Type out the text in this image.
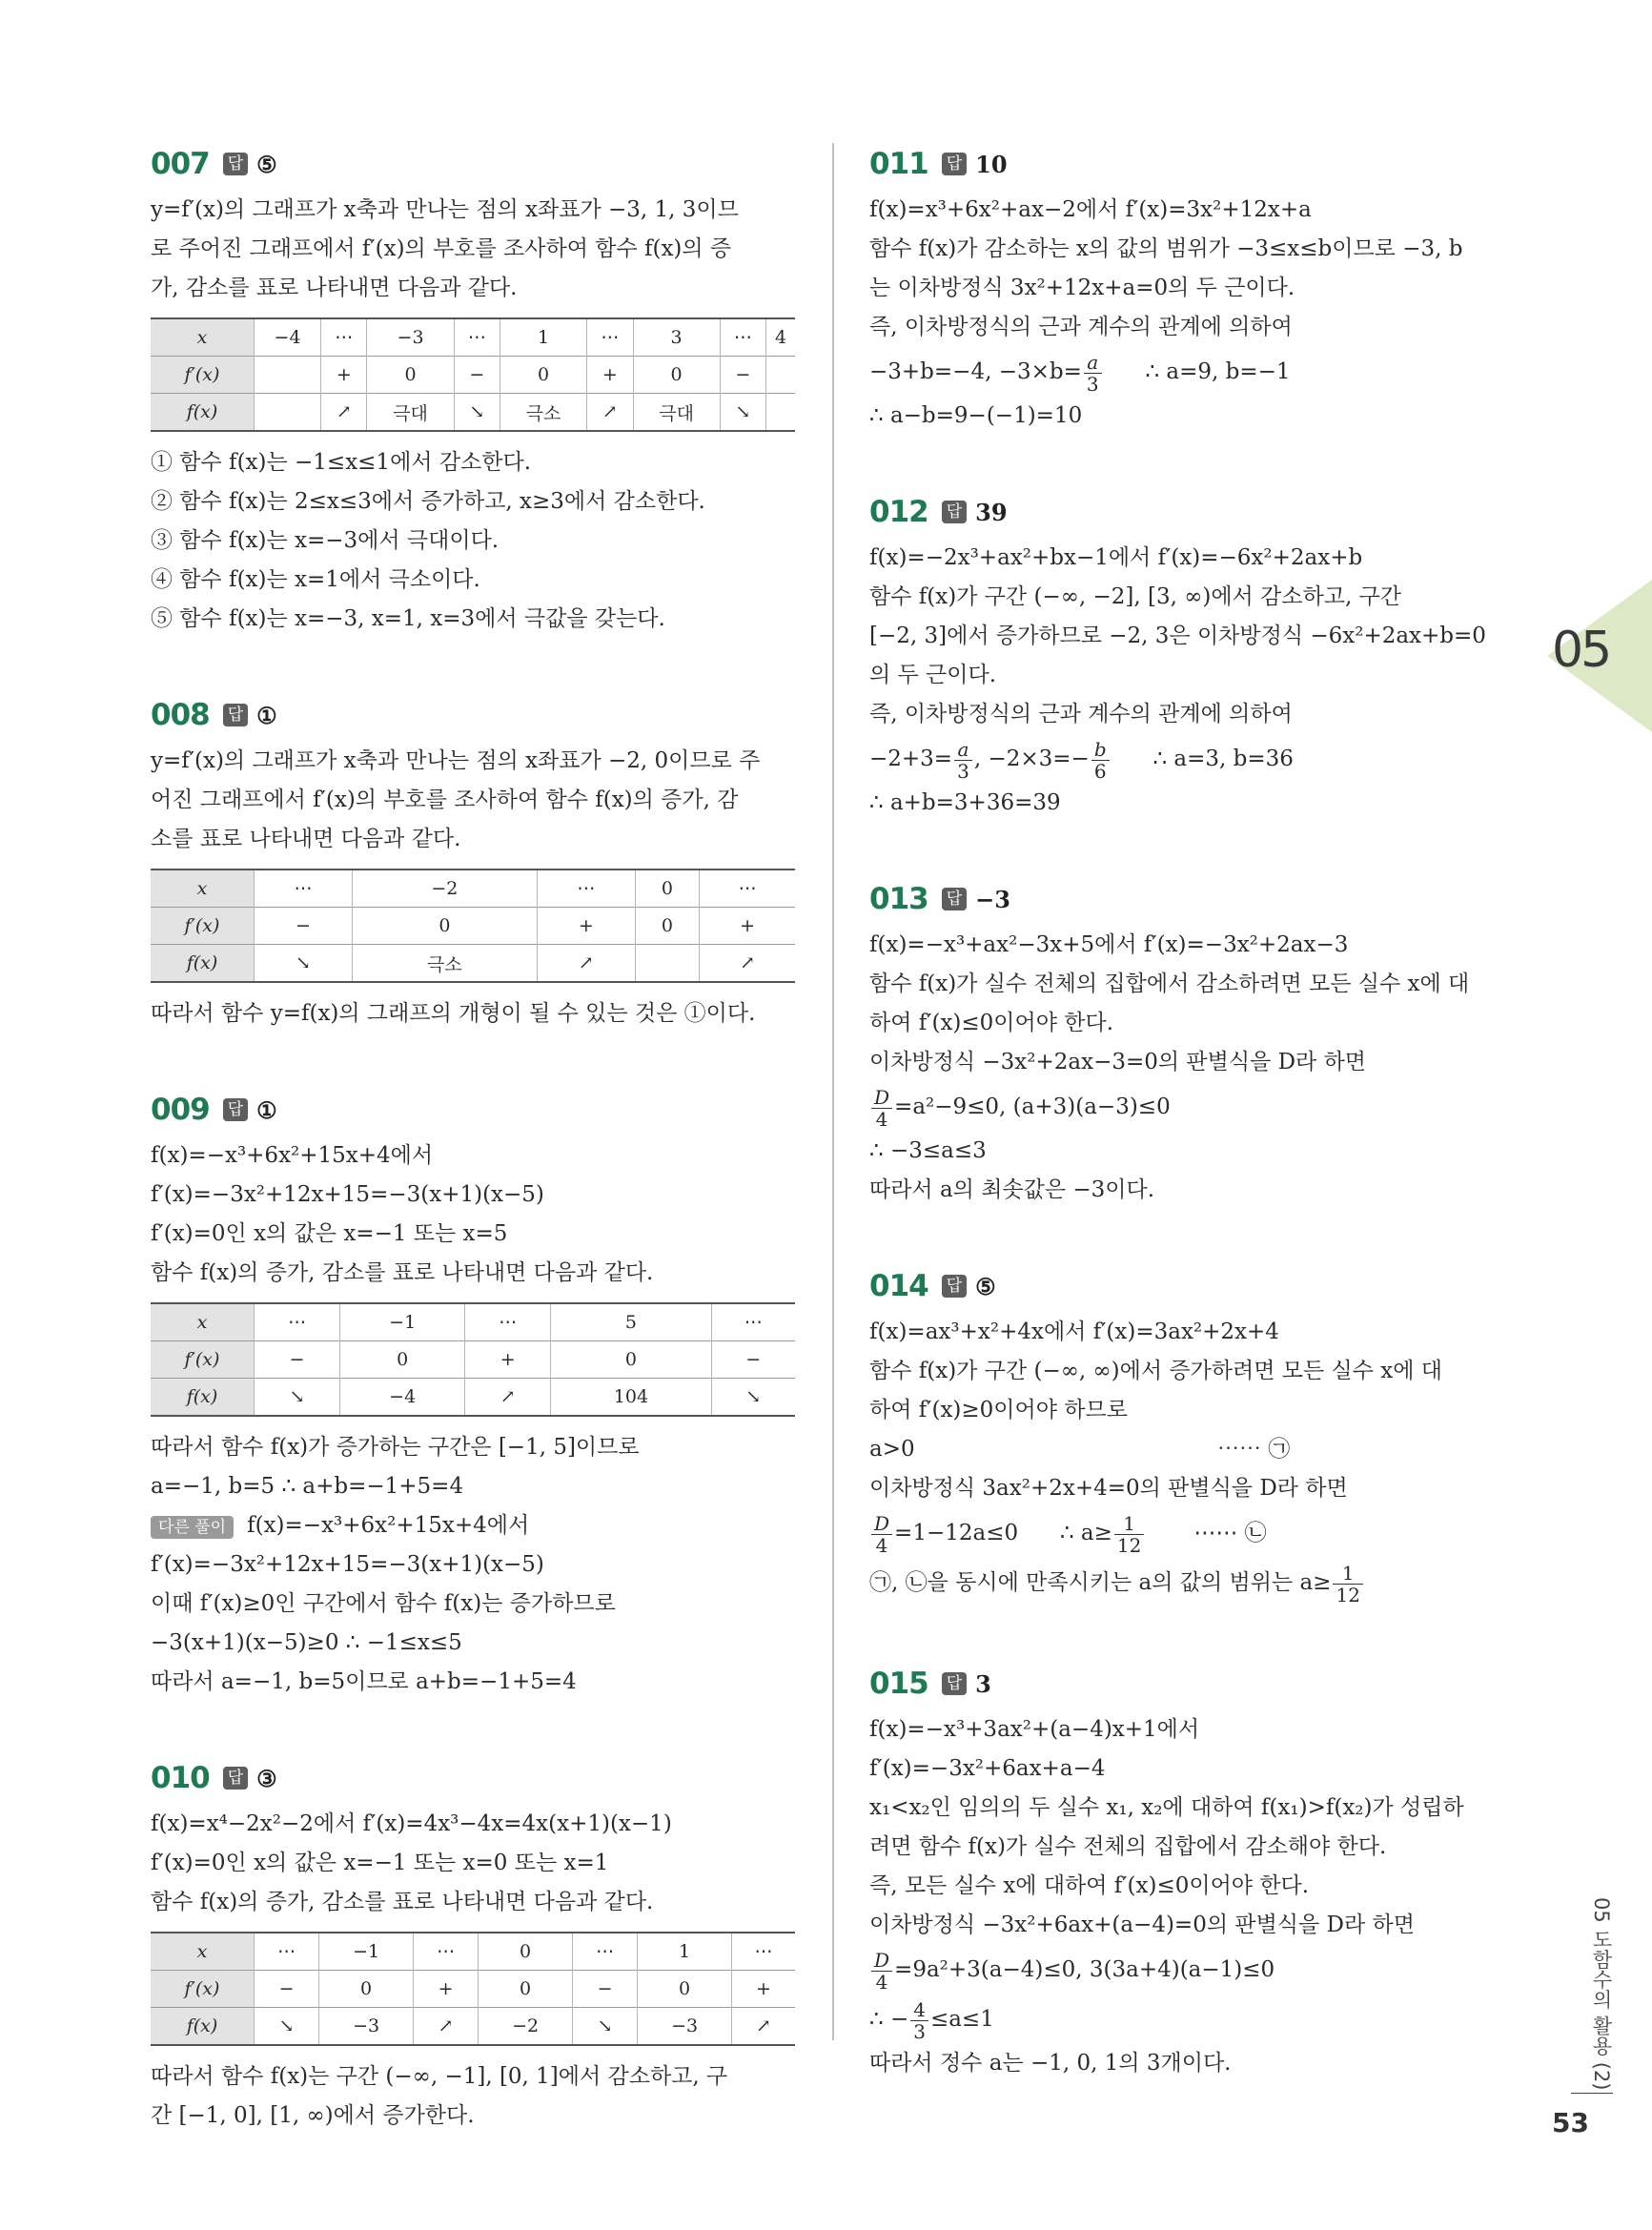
05
007 답 ⑤
y=f′(x)의 그래프가 x축과 만나는 점의 x좌표가 −3, 1, 3이므
로 주어진 그래프에서 f′(x)의 부호를 조사하여 함수 f(x)의 증
가, 감소를 표로 나타내면 다음과 같다.
x	−4	⋯	−3	⋯	1	⋯	3	⋯	4
f′(x)		+	0	−	0	+	0	−	
f(x)		↗	극대	↘	극소	↗	극대	↘	
① 함수 f(x)는 −1≤x≤1에서 감소한다.
② 함수 f(x)는 2≤x≤3에서 증가하고, x≥3에서 감소한다.
③ 함수 f(x)는 x=−3에서 극대이다.
④ 함수 f(x)는 x=1에서 극소이다.
⑤ 함수 f(x)는 x=−3, x=1, x=3에서 극값을 갖는다.
008 답 ①
y=f′(x)의 그래프가 x축과 만나는 점의 x좌표가 −2, 0이므로 주
어진 그래프에서 f′(x)의 부호를 조사하여 함수 f(x)의 증가, 감
소를 표로 나타내면 다음과 같다.
x	⋯	−2	⋯	0	⋯
f′(x)	−	0	+	0	+
f(x)	↘	극소	↗		↗
따라서 함수 y=f(x)의 그래프의 개형이 될 수 있는 것은 ①이다.
009 답 ①
f(x)=−x³+6x²+15x+4에서
f′(x)=−3x²+12x+15=−3(x+1)(x−5)
f′(x)=0인 x의 값은 x=−1 또는 x=5
함수 f(x)의 증가, 감소를 표로 나타내면 다음과 같다.
x	⋯	−1	⋯	5	⋯
f′(x)	−	0	+	0	−
f(x)	↘	−4	↗	104	↘
따라서 함수 f(x)가 증가하는 구간은 [−1, 5]이므로
a=−1, b=5 ∴ a+b=−1+5=4
다른 풀이 f(x)=−x³+6x²+15x+4에서
f′(x)=−3x²+12x+15=−3(x+1)(x−5)
이때 f′(x)≥0인 구간에서 함수 f(x)는 증가하므로
−3(x+1)(x−5)≥0 ∴ −1≤x≤5
따라서 a=−1, b=5이므로 a+b=−1+5=4
010 답 ③
f(x)=x⁴−2x²−2에서 f′(x)=4x³−4x=4x(x+1)(x−1)
f′(x)=0인 x의 값은 x=−1 또는 x=0 또는 x=1
함수 f(x)의 증가, 감소를 표로 나타내면 다음과 같다.
x	⋯	−1	⋯	0	⋯	1	⋯
f′(x)	−	0	+	0	−	0	+
f(x)	↘	−3	↗	−2	↘	−3	↗
따라서 함수 f(x)는 구간 (−∞, −1], [0, 1]에서 감소하고, 구
간 [−1, 0], [1, ∞)에서 증가한다.
011 답 10
f(x)=x³+6x²+ax−2에서 f′(x)=3x²+12x+a
함수 f(x)가 감소하는 x의 값의 범위가 −3≤x≤b이므로 −3, b
는 이차방정식 3x²+12x+a=0의 두 근이다.
즉, 이차방정식의 근과 계수의 관계에 의하여
−3+b=−4, $-3\times b= \frac{a}{3}$ ∴ a=9, b=−1
∴ a−b=9−(−1)=10
012 답 39
f(x)=−2x³+ax²+bx−1에서 f′(x)=−6x²+2ax+b
함수 f(x)가 구간 (−∞, −2], [3, ∞)에서 감소하고, 구간
[−2, 3]에서 증가하므로 −2, 3은 이차방정식 −6x²+2ax+b=0
의 두 근이다.
즉, 이차방정식의 근과 계수의 관계에 의하여
$-2+3= \frac{a}{3}$ , $-2\times 3=- \frac{b}{6}$ ∴ a=3, b=36
∴ a+b=3+36=39
013 답 −3
f(x)=−x³+ax²−3x+5에서 f′(x)=−3x²+2ax−3
함수 f(x)가 실수 전체의 집합에서 감소하려면 모든 실수 x에 대
하여 f′(x)≤0이어야 한다.
이차방정식 −3x²+2ax−3=0의 판별식을 D라 하면
$\frac{D}{4} =a^2-9\le 0$, (a+3)(a−3)≤0
∴ −3≤a≤3
따라서 a의 최솟값은 −3이다.
014 답 ⑤
f(x)=ax³+x²+4x에서 f′(x)=3ax²+2x+4
함수 f(x)가 구간 (−∞, ∞)에서 증가하려면 모든 실수 x에 대
하여 f′(x)≥0이어야 하므로
a>0	⋯⋯ ㉠
이차방정식 3ax²+2x+4=0의 판별식을 D라 하면
$\frac{D}{4} =1-12a\le 0$      ∴ $a\ge \frac{1}{12}$ ⋯⋯ ㉡
㉠, ㉡을 동시에 만족시키는 a의 값의 범위는 $a\ge \frac{1}{12}$
015 답 3
f(x)=−x³+3ax²+(a−4)x+1에서
f′(x)=−3x²+6ax+a−4
x₁<x₂인 임의의 두 실수 x₁, x₂에 대하여 f(x₁)>f(x₂)가 성립하
려면 함수 f(x)가 실수 전체의 집합에서 감소해야 한다.
즉, 모든 실수 x에 대하여 f′(x)≤0이어야 한다.
이차방정식 −3x²+6ax+(a−4)=0의 판별식을 D라 하면
$\frac{D}{4} =9a^2+3(a-4)\le 0$, 3(3a+4)(a−1)≤0
∴ − $\frac{4}{3} \le a\le 1$
따라서 정수 a는 −1, 0, 1의 3개이다.	05 도함수의 활용 (2)
53
